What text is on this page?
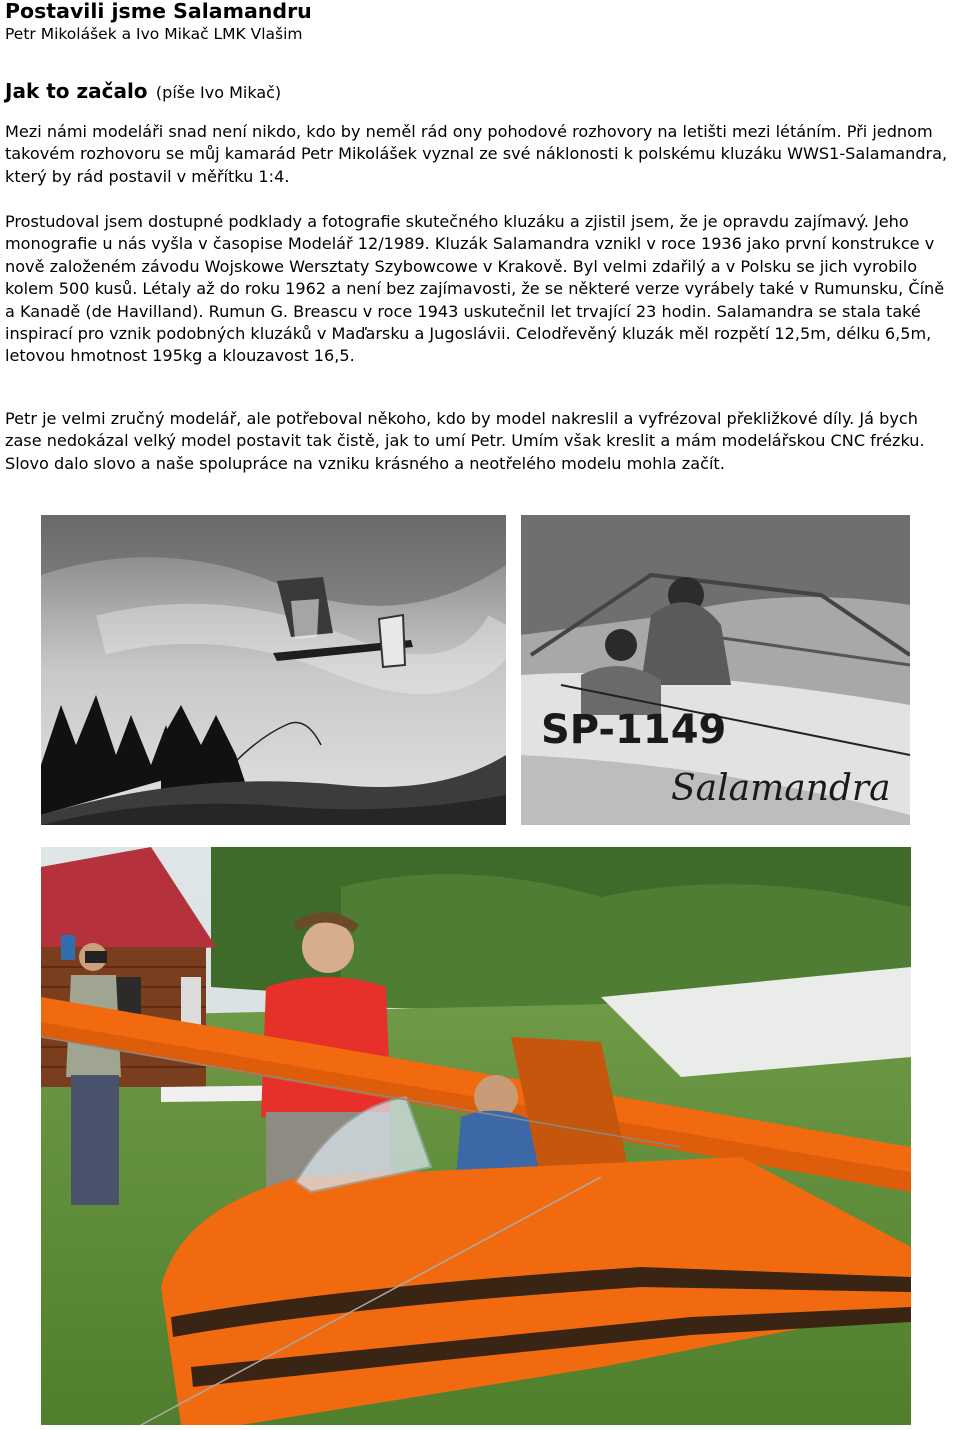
Postavili jsme Salamandru
Petr Mikolášek a Ivo Mikač LMK Vlašim
Jak to začalo (píše Ivo Mikač)

Mezi námi modeláři snad není nikdo, kdo by neměl rád ony pohodové rozhovory na letišti mezi létáním. Při jednom takovém rozhovoru se můj kamarád Petr Mikolášek vyznal ze své náklonosti k polskému kluzáku WWS1-Salamandra, který by rád postavil v měřítku 1:4.

Prostudoval jsem dostupné podklady a fotografie skutečného kluzáku a zjistil jsem, že je opravdu zajímavý. Jeho monografie u nás vyšla v časopise Modelář 12/1989. Kluzák Salamandra vznikl v roce 1936 jako první konstrukce v nově založeném závodu Wojskowe Wersztaty Szybowcowe v Krakově. Byl velmi zdařilý a v Polsku se jich vyrobilo kolem 500 kusů. Létaly až do roku 1962 a není bez zajímavosti, že se některé verze vyrábely také v Rumunsku, Číně a Kanadě (de Havilland). Rumun G. Breascu v roce 1943 uskutečnil let trvající 23 hodin. Salamandra se stala také inspirací pro vznik podobných kluzáků v Maďarsku a Jugoslávii. Celodřevěný kluzák měl rozpětí 12,5m, délku 6,5m, letovou hmotnost 195kg a klouzavost 16,5.

Petr je velmi zručný modelář, ale potřeboval někoho, kdo by model nakreslil a vyfrézoval překližkové díly. Já bych zase nedokázal velký model postavit tak čistě, jak to umí Petr. Umím však kreslit a mám modelářskou CNC frézku. Slovo dalo slovo a naše spolupráce na vzniku krásného a neotřelého modelu mohla začít.

SP-1149
Salamandra
